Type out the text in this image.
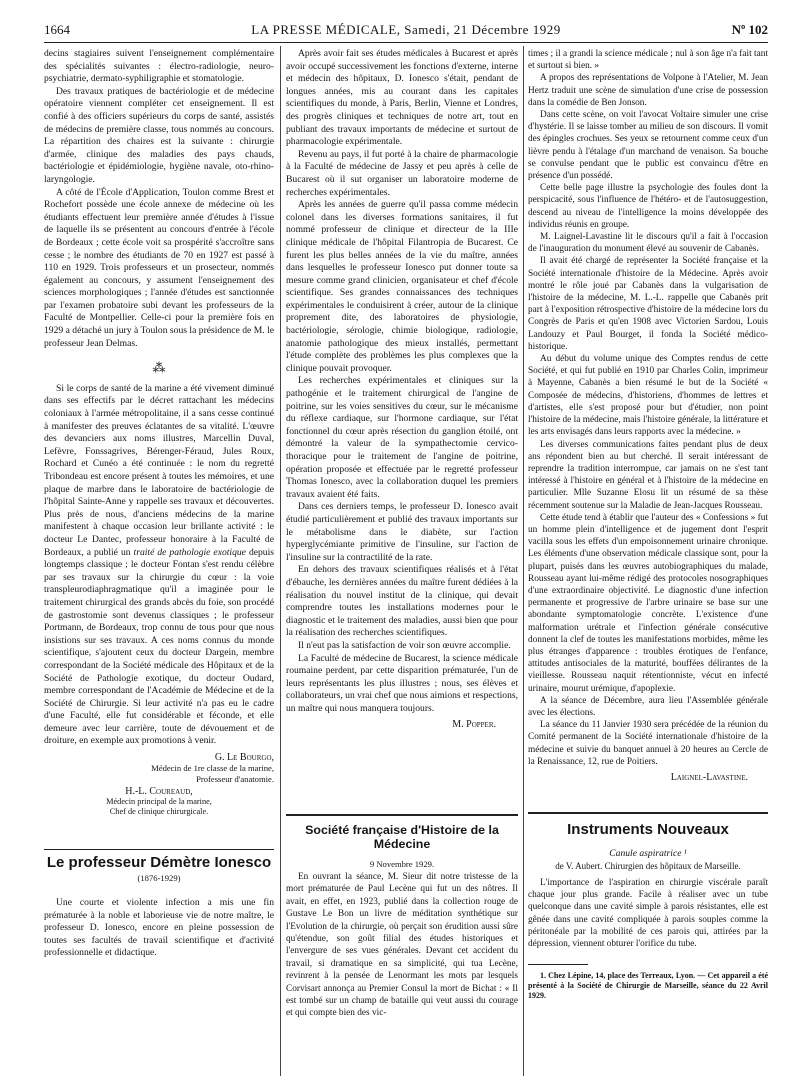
1664	LA PRESSE MÉDICALE, Samedi, 21 Décembre 1929	Nº 102

decins stagiaires suivent l'enseignement complémentaire des spécialités suivantes : électro-radiologie, neuro-psychiatrie, dermato-syphiligraphie et stomatologie.

Des travaux pratiques de bactériologie et de médecine opératoire viennent compléter cet enseignement. Il est confié à des officiers supérieurs du corps de santé, assistés de médecins de première classe, tous nommés au concours. La répartition des chaires est la suivante : chirurgie d'armée, clinique des maladies des pays chauds, bactériologie et épidémiologie, hygiène navale, oto-rhino-laryngologie.

A côté de l'École d'Application, Toulon comme Brest et Rochefort possède une école annexe de médecine où les étudiants effectuent leur première année d'études à l'issue de laquelle ils se présentent au concours d'entrée à l'école de Bordeaux ; cette école voit sa prospérité s'accroître sans cesse ; le nombre des étudiants de 70 en 1927 est passé à 110 en 1929. Trois professeurs et un prosecteur, nommés également au concours, y assument l'enseignement des sciences morphologiques ; l'année d'études est sanctionnée par l'examen probatoire subi devant les professeurs de la Faculté de Montpellier. Celle-ci pour la première fois en 1929 a détaché un jury à Toulon sous la présidence de M. le professeur Jean Delmas.

⁂

Si le corps de santé de la marine a été vivement diminué dans ses effectifs par le décret rattachant les médecins coloniaux à l'armée métropolitaine, il a sans cesse continué à manifester des preuves éclatantes de sa vitalité. L'œuvre des devanciers aux noms illustres, Marcellin Duval, Lefèvre, Fonssagrives, Bérenger-Féraud, Jules Roux, Rochard et Cunéo a été continuée : le nom du regretté Tribondeau est encore présent à toutes les mémoires, et une plaque de marbre dans le laboratoire de bactériologie de l'hôpital Sainte-Anne y rappelle ses travaux et découvertes. Plus près de nous, d'anciens médecins de la marine manifestent à chaque occasion leur brillante activité : le docteur Le Dantec, professeur honoraire à la Faculté de Bordeaux, a publié un traité de pathologie exotique depuis longtemps classique ; le docteur Fontan s'est rendu célèbre par ses travaux sur la chirurgie du cœur : la voie transpleurodiaphragmatique qu'il a imaginée pour le traitement chirurgical des grands abcès du foie, son procédé de gastrostomie sont devenus classiques ; le professeur Portmann, de Bordeaux, trop connu de tous pour que nous insistions sur ses travaux. A ces noms connus du monde scientifique, s'ajoutent ceux du docteur Dargein, membre correspondant de la Société médicale des Hôpitaux et de la Société de Pathologie exotique, du docteur Oudard, membre correspondant de l'Académie de Médecine et de la Société de Chirurgie. Si leur activité n'a pas eu le cadre d'une Faculté, elle fut considérable et féconde, et elle demeure avec leur carrière, toute de dévouement et de droiture, en exemple aux promotions à venir.

G. Le Bourgo,
Médecin de 1re classe de la marine,
Professeur d'anatomie.
H.-L. Coureaud,
Médecin principal de la marine,
Chef de clinique chirurgicale.
Le professeur Démètre Ionesco
(1876-1929)

Une courte et violente infection a mis une fin prématurée à la noble et laborieuse vie de notre maître, le professeur D. Ionesco, encore en pleine possession de toutes ses facultés de travail scientifique et d'activité professionnelle et didactique.

Après avoir fait ses études médicales à Bucarest et après avoir occupé successivement les fonctions d'externe, interne et médecin des hôpitaux, D. Ionesco s'était, pendant de longues années, mis au courant dans les capitales scientifiques du monde, à Paris, Berlin, Vienne et Londres, des progrès cliniques et techniques de notre art, tout en publiant des travaux importants de médecine et surtout de pharmacologie expérimentale.

Revenu au pays, il fut porté à la chaire de pharmacologie à la Faculté de médecine de Jassy et peu après à celle de Bucarest où il sut organiser un laboratoire moderne de recherches expérimentales.

Après les années de guerre qu'il passa comme médecin colonel dans les diverses formations sanitaires, il fut nommé professeur de clinique et directeur de la IIIe clinique médicale de l'hôpital Filantropia de Bucarest. Ce furent les plus belles années de la vie du maître, années dans lesquelles le professeur Ionesco put donner toute sa mesure comme grand clinicien, organisateur et chef d'école scientifique. Ses grandes connaissances des techniques expérimentales le conduisirent à créer, autour de la clinique proprement dite, des laboratoires de physiologie, bactériologie, sérologie, chimie biologique, radiologie, anatomie pathologique des mieux installés, permettant l'étude complète des problèmes les plus complexes que la clinique pouvait provoquer.

Les recherches expérimentales et cliniques sur la pathogénie et le traitement chirurgical de l'angine de poitrine, sur les voies sensitives du cœur, sur le mécanisme du réflexe cardiaque, sur l'hormone cardiaque, sur l'état fonctionnel du cœur après résection du ganglion étoilé, ont démontré la valeur de la sympathectomie cervico-thoracique pour le traitement de l'angine de poitrine, opération proposée et effectuée par le regretté professeur Thomas Ionesco, avec la collaboration duquel les premiers travaux avaient été faits.

Dans ces derniers temps, le professeur D. Ionesco avait étudié particulièrement et publié des travaux importants sur le métabolisme dans le diabète, sur l'action hyperglycémiante primitive de l'insuline, sur l'action de l'insuline sur la contractilité de la rate.

En dehors des travaux scientifiques réalisés et à l'état d'ébauche, les dernières années du maître furent dédiées à la réalisation du nouvel institut de la clinique, qui devait comprendre toutes les installations modernes pour le diagnostic et le traitement des maladies, aussi bien que pour la réalisation des recherches scientifiques.

Il n'eut pas la satisfaction de voir son œuvre accomplie.

La Faculté de médecine de Bucarest, la science médicale roumaine perdent, par cette disparition prématurée, l'un de leurs représentants les plus illustres ; nous, ses élèves et collaborateurs, un vrai chef que nous aimions et respections, un maître qui nous manquera toujours.

M. Popper.
Société française d'Histoire de la Médecine
9 Novembre 1929.

En ouvrant la séance, M. Sieur dit notre tristesse de la mort prématurée de Paul Lecène qui fut un des nôtres. Il avait, en effet, en 1923, publié dans la collection rouge de Gustave Le Bon un livre de méditation synthétique sur l'Evolution de la chirurgie, où perçait son érudition aussi sûre qu'étendue, son goût filial des études historiques et l'envergure de ses vues générales. Devant cet accident du travail, si dramatique en sa simplicité, qui tua Lecène, revinrent à la pensée de Lenormant les mots par lesquels Corvisart annonça au Premier Consul la mort de Bichat : « Il est tombé sur un champ de bataille qui veut aussi du courage et qui compte bien des vic-

times ; il a grandi la science médicale ; nul à son âge n'a fait tant et surtout si bien. »

A propos des représentations de Volpone à l'Atelier, M. Jean Hertz traduit une scène de simulation d'une crise de possession dans la comédie de Ben Jonson.

Dans cette scène, on voit l'avocat Voltaire simuler une crise d'hystérie. Il se laisse tomber au milieu de son discours. Il vomit des épingles crochues. Ses yeux se retournent comme ceux d'un lièvre pendu à l'étalage d'un marchand de venaison. Sa bouche se convulse pendant que le public est convaincu d'être en présence d'un possédé.

Cette belle page illustre la psychologie des foules dont la perspicacité, sous l'influence de l'hétéro- et de l'autosuggestion, descend au niveau de l'intelligence la moins développée des individus réunis en groupe.

M. Laignel-Lavastine lit le discours qu'il a fait à l'occasion de l'inauguration du monument élevé au souvenir de Cabanès.

Il avait été chargé de représenter la Société française et la Société internationale d'histoire de la Médecine. Après avoir montré le rôle joué par Cabanès dans la vulgarisation de l'histoire de la médecine, M. L.-L. rappelle que Cabanès prit part à l'exposition rétrospective d'histoire de la médecine lors du Congrès de Paris et qu'en 1908 avec Victorien Sardou, Louis Landouzy et Paul Bourget, il fonda la Société médico-historique.

Au début du volume unique des Comptes rendus de cette Société, et qui fut publié en 1910 par Charles Colin, imprimeur à Mayenne, Cabanès a bien résumé le but de la Société « Composée de médecins, d'historiens, d'hommes de lettres et d'artistes, elle s'est proposé pour but d'étudier, non point l'histoire de la médecine, mais l'histoire générale, la littérature et les arts envisagés dans leurs rapports avec la médecine. »

Les diverses communications faites pendant plus de deux ans répondent bien au but cherché. Il serait intéressant de reprendre la tradition interrompue, car jamais on ne s'est tant intéressé à l'histoire en général et à l'histoire de la médecine en particulier. Mlle Suzanne Elosu lit un résumé de sa thèse récemment soutenue sur la Maladie de Jean-Jacques Rousseau.

Cette étude tend à établir que l'auteur des « Confessions » fut un homme plein d'intelligence et de jugement dont l'esprit vacilla sous les effets d'un empoisonnement urinaire chronique. Les éléments d'une observation médicale classique sont, pour la plupart, puisés dans les œuvres autobiographiques du malade, Rousseau ayant lui-même rédigé des protocoles nosographiques d'une extraordinaire objectivité. Le diagnostic d'une infection permanente et progressive de l'arbre urinaire se base sur une abondante symptomatologie concrète. L'existence d'une malformation urétrale et l'infection générale consécutive donnent la clef de toutes les manifestations morbides, même les plus étranges d'apparence : troubles érotiques de l'enfance, attitudes antisociales de la maturité, bouffées délirantes de la vieillesse. Rousseau naquit rétentionniste, vécut en infecté urinaire, mourut urémique, d'apoplexie.

A la séance de Décembre, aura lieu l'Assemblée générale avec les élections.

La séance du 11 Janvier 1930 sera précédée de la réunion du Comité permanent de la Société internationale d'histoire de la médecine et suivie du banquet annuel à 20 heures au Cercle de la Renaissance, 12, rue de Poitiers.

Laignel-Lavastine.
Instruments Nouveaux
Canule aspiratrice ¹
de V. Aubert. Chirurgien des hôpitaux de Marseille.

L'importance de l'aspiration en chirurgie viscérale paraît chaque jour plus grande. Facile à réaliser avec un tube quelconque dans une cavité simple à parois résistantes, elle est gênée dans une cavité compliquée à parois souples comme la péritonéale par la mobilité de ces parois qui, attirées par la dépression, viennent obturer l'orifice du tube.

1. Chez Lépine, 14, place des Terreaux, Lyon. — Cet appareil a été présenté à la Société de Chirurgie de Marseille, séance du 22 Avril 1929.
